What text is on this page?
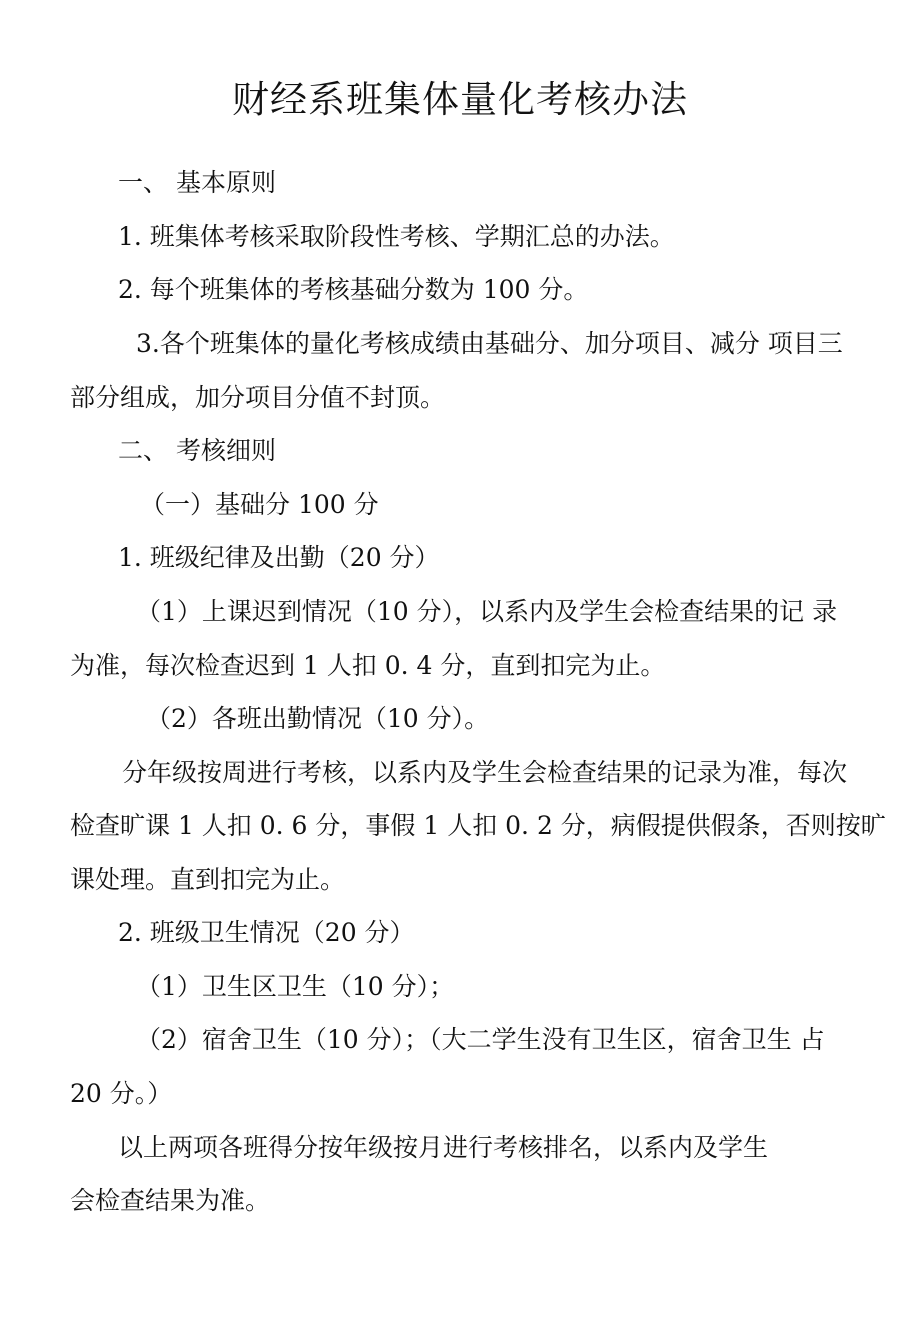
财经系班集体量化考核办法
一、 基本原则
1. 班集体考核采取阶段性考核、学期汇总的办法。
2. 每个班集体的考核基础分数为 100 分。
3.各个班集体的量化考核成绩由基础分、加分项目、减分 项目三
部分组成，加分项目分值不封顶。
二、 考核细则
（一）基础分 100 分
1. 班级纪律及出勤（20 分）
（1）上课迟到情况（10 分），以系内及学生会检查结果的记 录
为准，每次检查迟到 1 人扣 0. 4 分，直到扣完为止。
（2）各班出勤情况（10 分）。
分年级按周进行考核，以系内及学生会检查结果的记录为准，每次
检查旷课 1 人扣 0. 6 分，事假 1 人扣 0. 2 分，病假提供假条，否则按旷
课处理。直到扣完为止。
2. 班级卫生情况（20 分）
（1）卫生区卫生（10 分）；
（2）宿舍卫生（10 分）；（大二学生没有卫生区，宿舍卫生 占
20 分。）
以上两项各班得分按年级按月进行考核排名，以系内及学生
会检查结果为准。
